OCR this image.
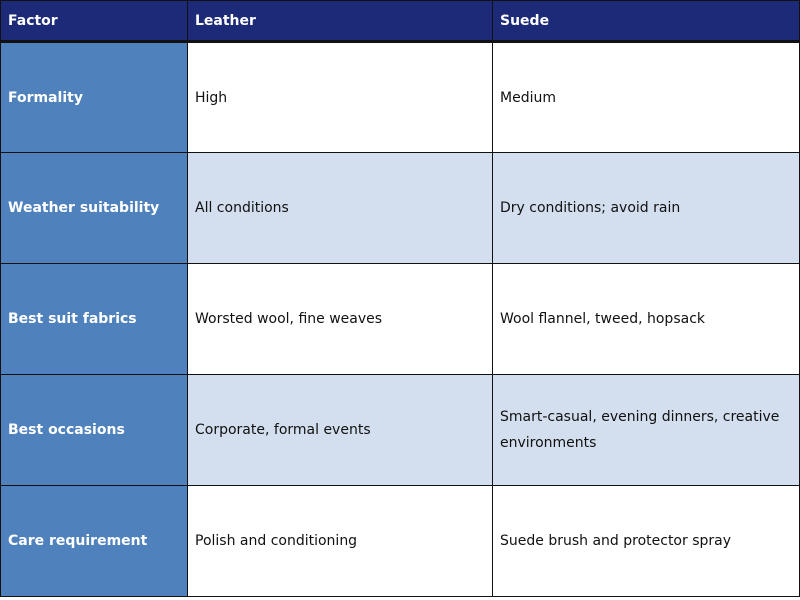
Factor	Leather	Suede
Formality	High	Medium
Weather suitability	All conditions	Dry conditions; avoid rain
Best suit fabrics	Worsted wool, fine weaves	Wool flannel, tweed, hopsack
Best occasions	Corporate, formal events	Smart-casual, evening dinners, creative environments
Care requirement	Polish and conditioning	Suede brush and protector spray
